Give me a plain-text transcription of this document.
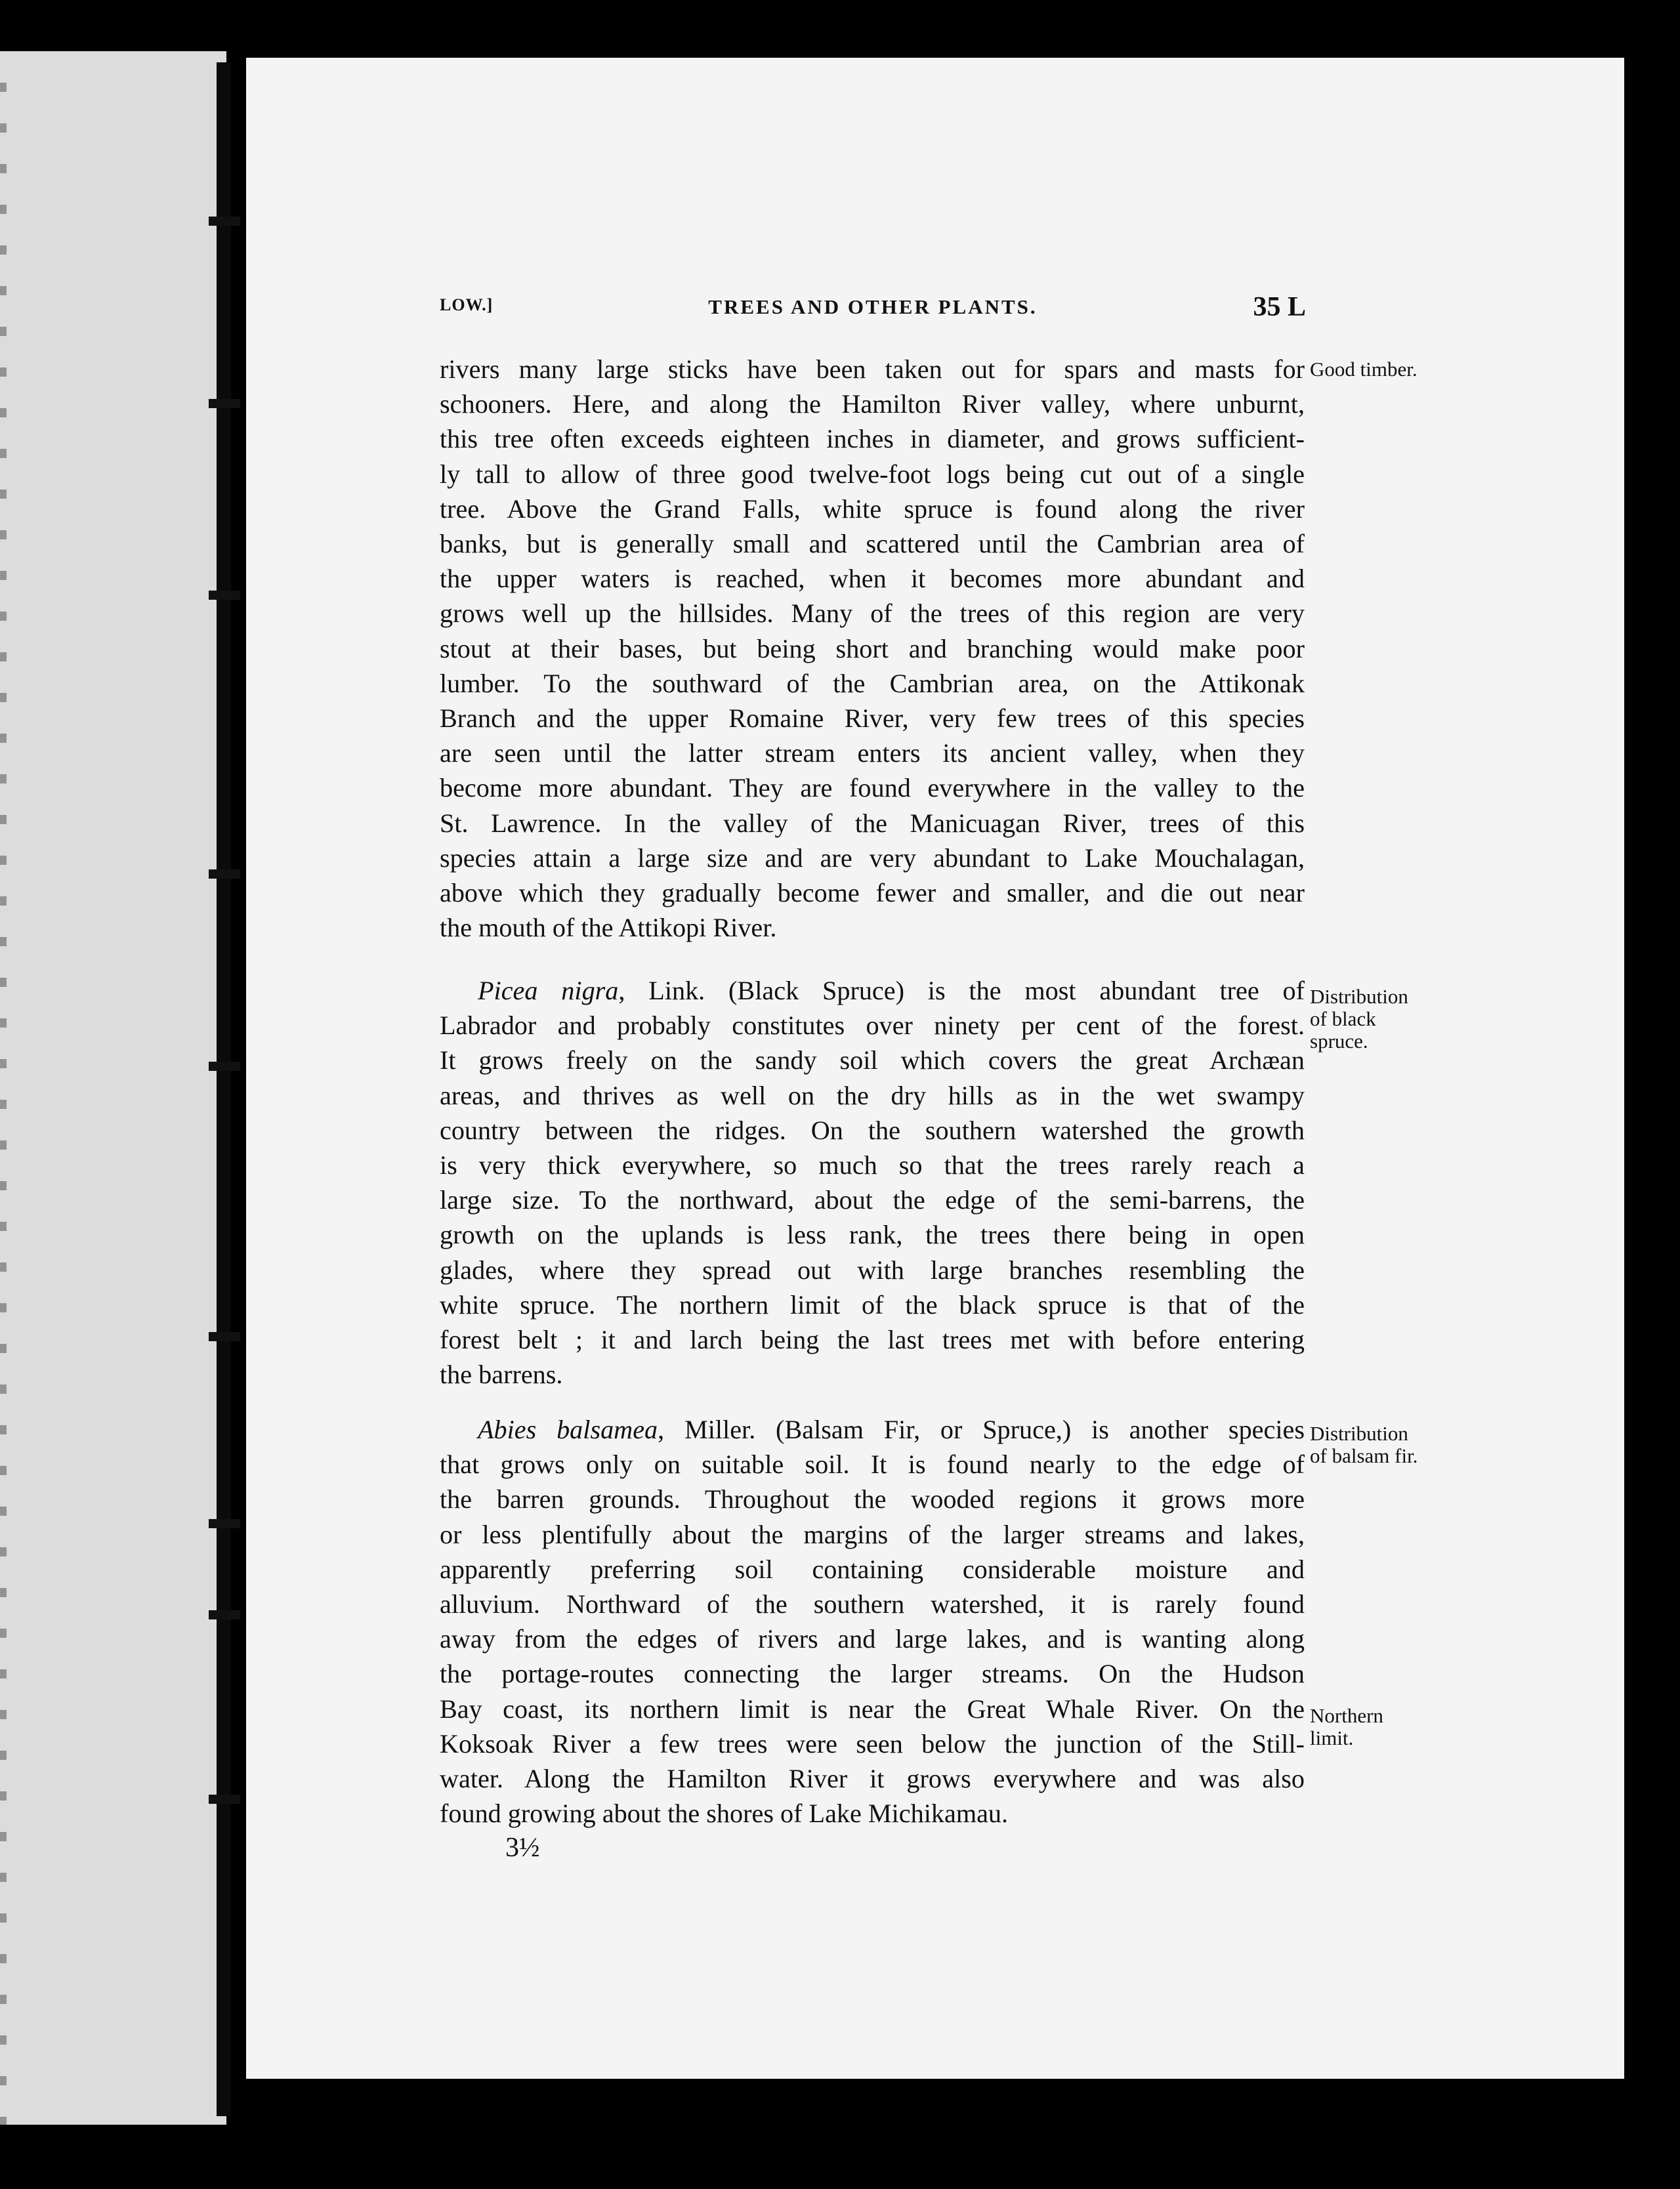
LOW.]	TREES AND OTHER PLANTS.	35 L
rivers many large sticks have been taken out for spars and masts for
schooners. Here, and along the Hamilton River valley, where unburnt,
this tree often exceeds eighteen inches in diameter, and grows sufficient-
ly tall to allow of three good twelve-foot logs being cut out of a single
tree. Above the Grand Falls, white spruce is found along the river
banks, but is generally small and scattered until the Cambrian area of
the upper waters is reached, when it becomes more abundant and
grows well up the hillsides. Many of the trees of this region are very
stout at their bases, but being short and branching would make poor
lumber. To the southward of the Cambrian area, on the Attikonak
Branch and the upper Romaine River, very few trees of this species
are seen until the latter stream enters its ancient valley, when they
become more abundant. They are found everywhere in the valley to the
St. Lawrence. In the valley of the Manicuagan River, trees of this
species attain a large size and are very abundant to Lake Mouchalagan,
above which they gradually become fewer and smaller, and die out near
the mouth of the Attikopi River.
Picea nigra, Link. (Black Spruce) is the most abundant tree of
Labrador and probably constitutes over ninety per cent of the forest.
It grows freely on the sandy soil which covers the great Archæan
areas, and thrives as well on the dry hills as in the wet swampy
country between the ridges. On the southern watershed the growth
is very thick everywhere, so much so that the trees rarely reach a
large size. To the northward, about the edge of the semi-barrens, the
growth on the uplands is less rank, the trees there being in open
glades, where they spread out with large branches resembling the
white spruce. The northern limit of the black spruce is that of the
forest belt ; it and larch being the last trees met with before entering
the barrens.
Abies balsamea, Miller. (Balsam Fir, or Spruce,) is another species
that grows only on suitable soil. It is found nearly to the edge of
the barren grounds. Throughout the wooded regions it grows more
or less plentifully about the margins of the larger streams and lakes,
apparently preferring soil containing considerable moisture and
alluvium. Northward of the southern watershed, it is rarely found
away from the edges of rivers and large lakes, and is wanting along
the portage-routes connecting the larger streams. On the Hudson
Bay coast, its northern limit is near the Great Whale River. On the
Koksoak River a few trees were seen below the junction of the Still-
water. Along the Hamilton River it grows everywhere and was also
found growing about the shores of Lake Michikamau.
Good timber.
Distribution
of black
spruce.
Distribution
of balsam fir.
Northern
limit.
3½
